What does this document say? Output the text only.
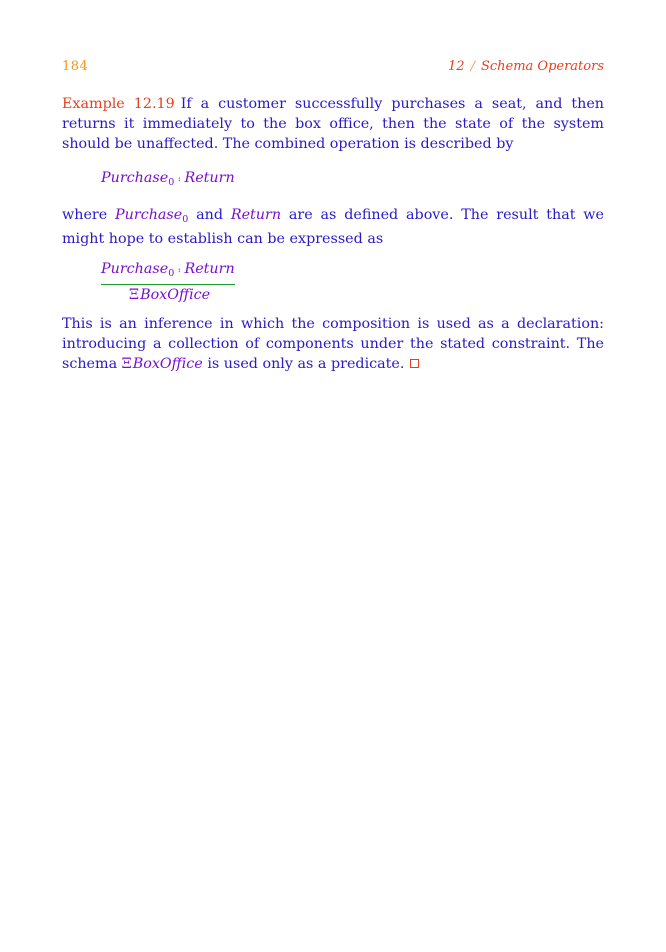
184	12 / Schema Operators
Example 12.19 If a customer successfully purchases a seat, and then returns it immediately to the box office, then the state of the system should be unaffected. The combined operation is described by
Purchase$_0$ ⨾ Return
where Purchase$_0$ and Return are as defined above. The result that we might hope to establish can be expressed as
Purchase$_0$ ⨾ Return
ΞBoxOffice
This is an inference in which the composition is used as a declaration: introducing a collection of components under the stated constraint. The schema ΞBoxOffice is used only as a predicate.
